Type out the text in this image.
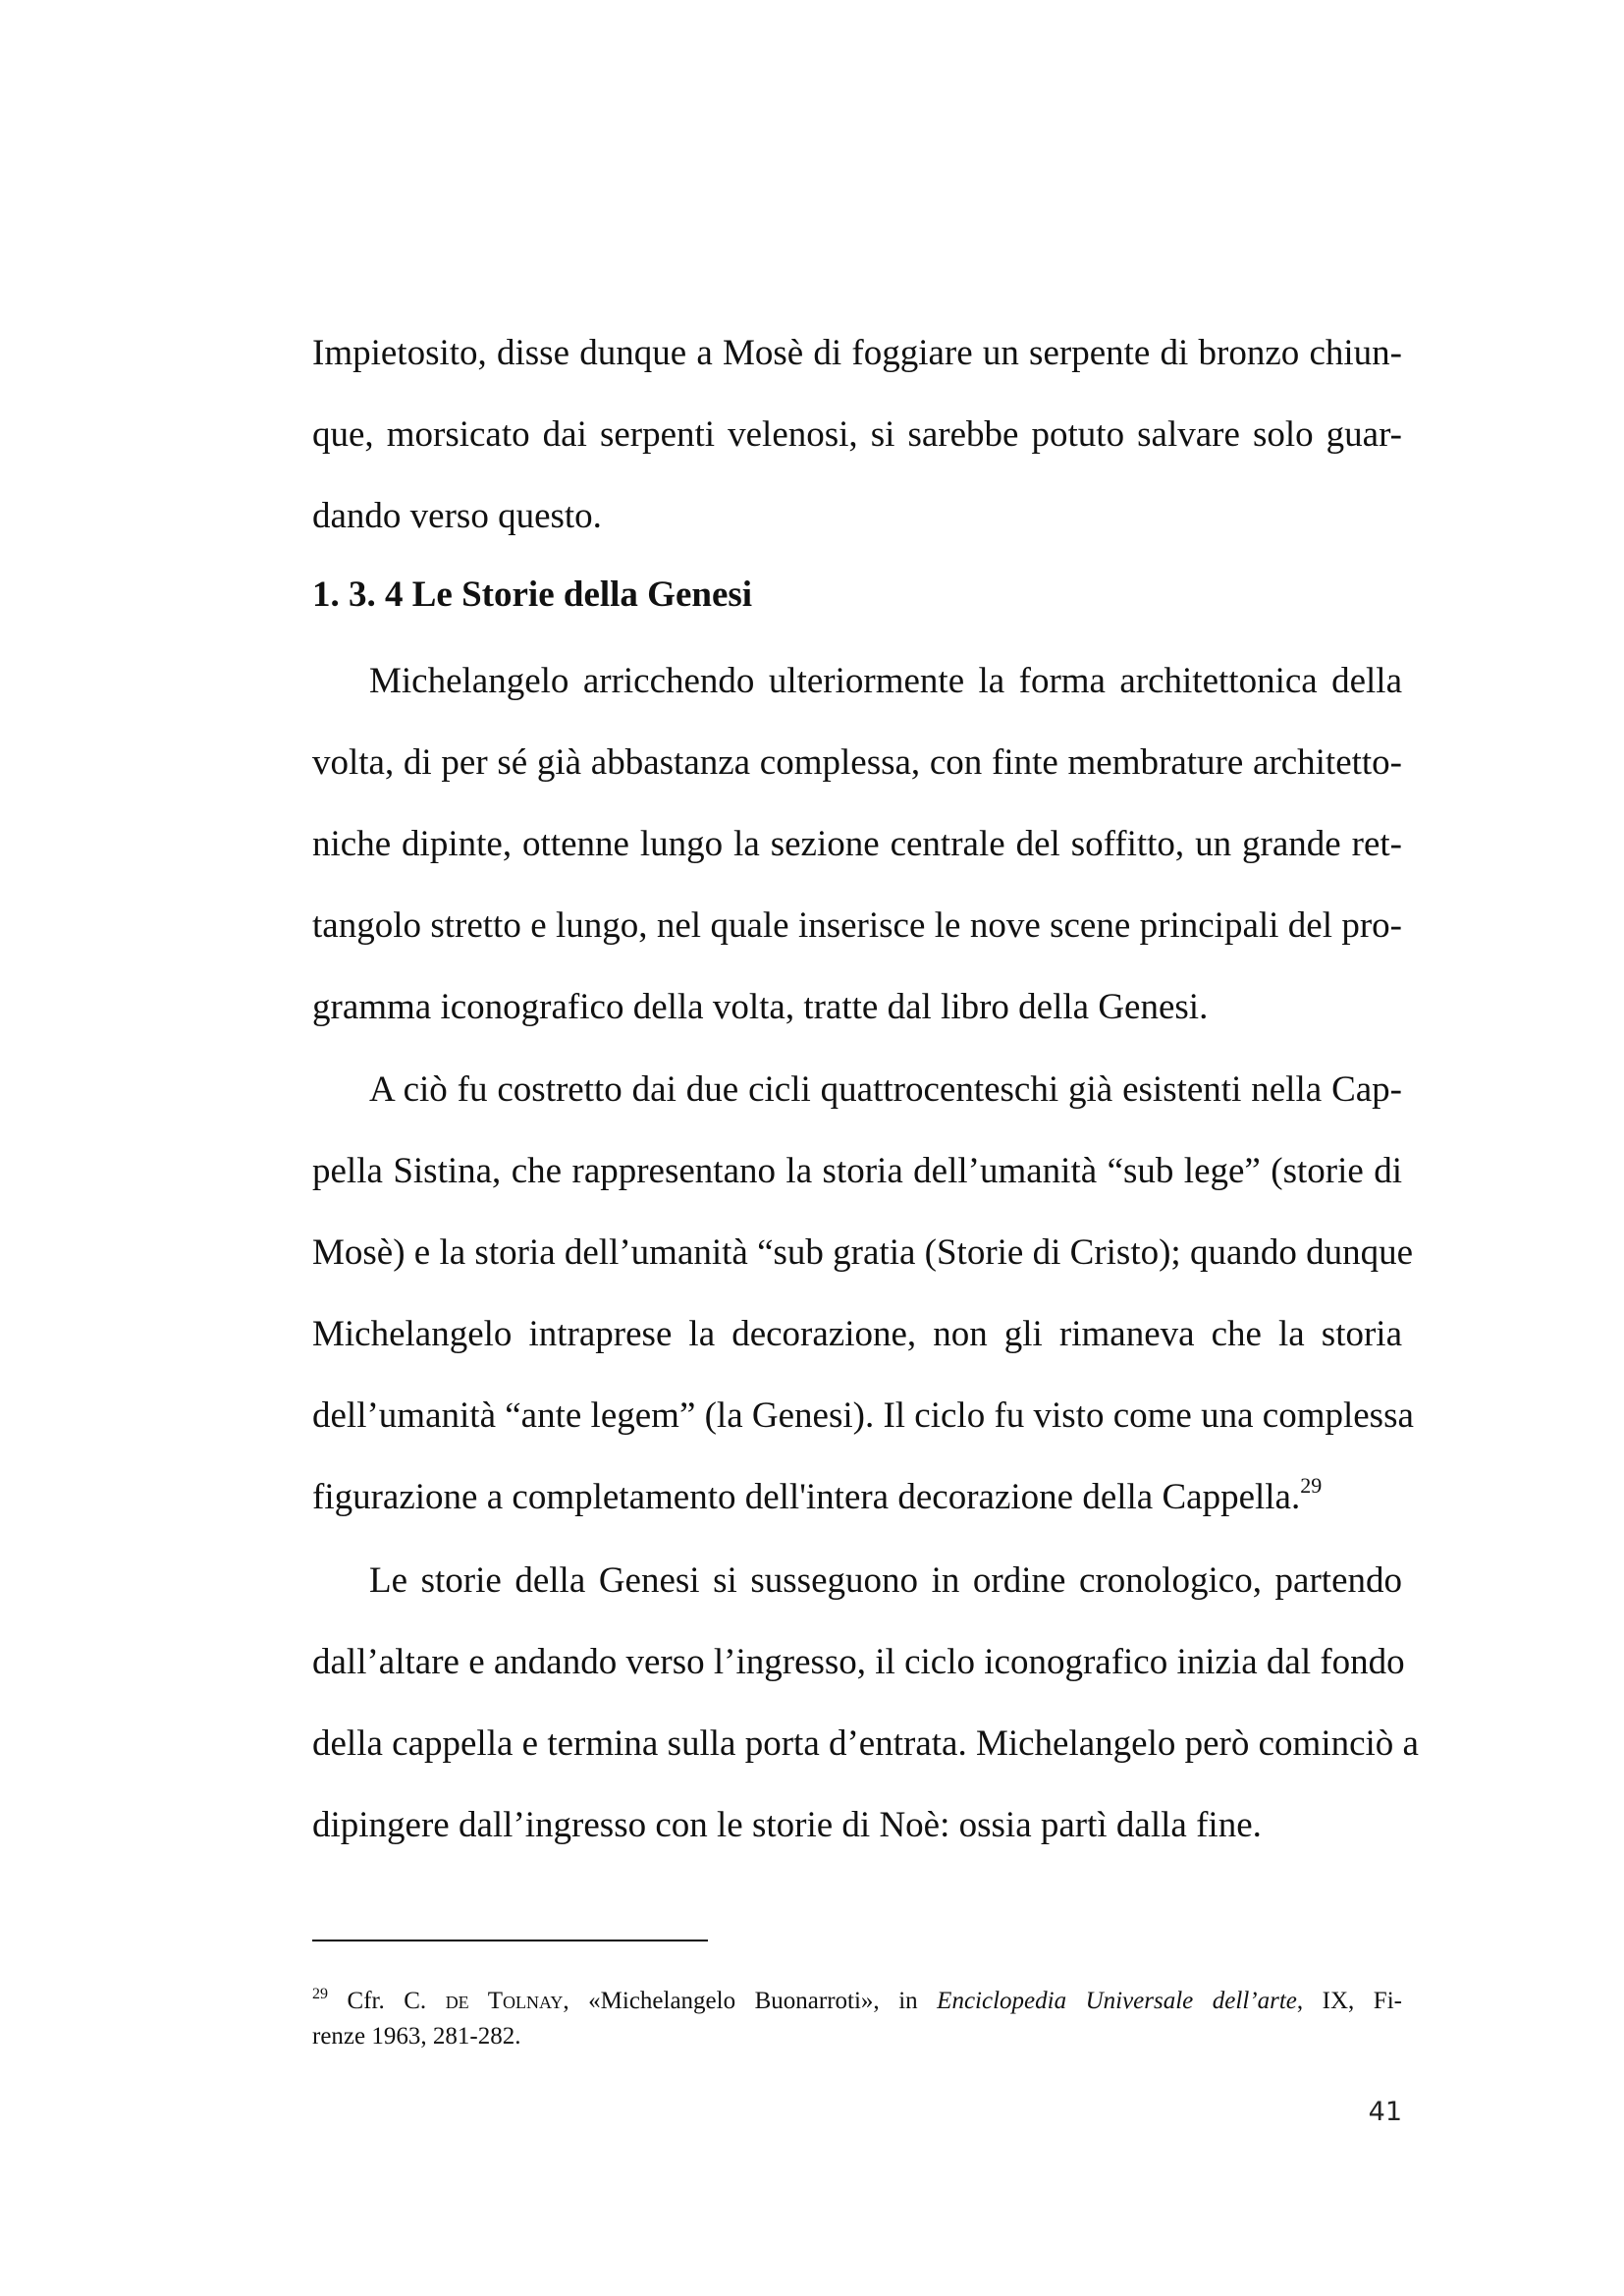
Impietosito, disse dunque a Mosè di foggiare un serpente di bronzo chiun-
que, morsicato dai serpenti velenosi, si sarebbe potuto salvare solo guar-
dando verso questo.
1. 3. 4 Le Storie della Genesi
Michelangelo arricchendo ulteriormente la forma architettonica della
volta, di per sé già abbastanza complessa, con finte membrature architetto-
niche dipinte, ottenne lungo la sezione centrale del soffitto, un grande ret-
tangolo stretto e lungo, nel quale inserisce le nove scene principali del pro-
gramma iconografico della volta, tratte dal libro della Genesi.
A ciò fu costretto dai due cicli quattrocenteschi già esistenti nella Cap-
pella Sistina, che rappresentano la storia dell’umanità “sub lege” (storie di
Mosè) e la storia dell’umanità “sub gratia (Storie di Cristo); quando dunque
Michelangelo intraprese la decorazione, non gli rimaneva che la storia
dell’umanità “ante legem” (la Genesi). Il ciclo fu visto come una complessa
figurazione a completamento dell'intera decorazione della Cappella.$^{29}$
Le storie della Genesi si susseguono in ordine cronologico, partendo
dall’altare e andando verso l’ingresso, il ciclo iconografico inizia dal fondo
della cappella e termina sulla porta d’entrata. Michelangelo però cominciò a
dipingere dall’ingresso con le storie di Noè: ossia partì dalla fine.
$^{29}$ Cfr. C. de Tolnay, «Michelangelo Buonarroti», in Enciclopedia Universale dell’arte, IX, Fi-
renze 1963, 281-282.
41
